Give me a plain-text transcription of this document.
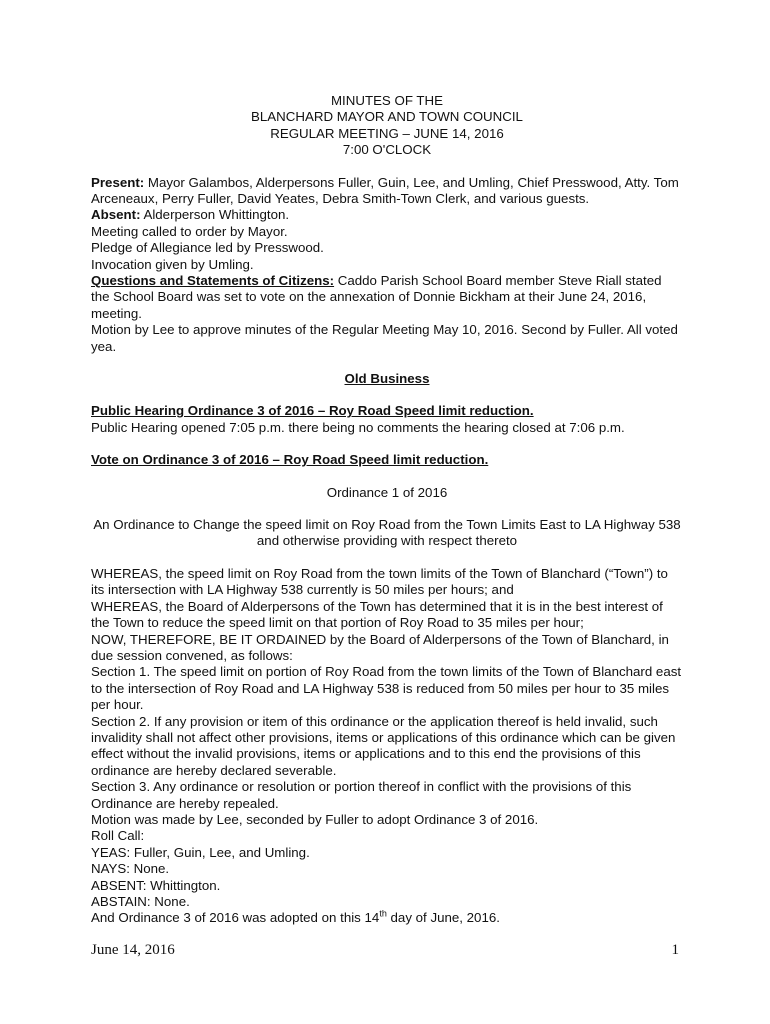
MINUTES OF THE
BLANCHARD MAYOR AND TOWN COUNCIL
REGULAR MEETING – JUNE 14, 2016
7:00 O'CLOCK

Present: Mayor Galambos, Alderpersons Fuller, Guin, Lee, and Umling, Chief Presswood, Atty. Tom Arceneaux, Perry Fuller, David Yeates, Debra Smith-Town Clerk, and various guests.

Absent: Alderperson Whittington.

Meeting called to order by Mayor.

Pledge of Allegiance led by Presswood.

Invocation given by Umling.

Questions and Statements of Citizens: Caddo Parish School Board member Steve Riall stated the School Board was set to vote on the annexation of Donnie Bickham at their June 24, 2016, meeting.

Motion by Lee to approve minutes of the Regular Meeting May 10, 2016. Second by Fuller. All voted yea.

Old Business

Public Hearing Ordinance 3 of 2016 – Roy Road Speed limit reduction.

Public Hearing opened 7:05 p.m. there being no comments the hearing closed at 7:06 p.m.

Vote on Ordinance 3 of 2016 – Roy Road Speed limit reduction.

Ordinance 1 of 2016

An Ordinance to Change the speed limit on Roy Road from the Town Limits East to LA Highway 538 and otherwise providing with respect thereto

WHEREAS, the speed limit on Roy Road from the town limits of the Town of Blanchard (“Town”) to its intersection with LA Highway 538 currently is 50 miles per hours; and

WHEREAS, the Board of Alderpersons of the Town has determined that it is in the best interest of the Town to reduce the speed limit on that portion of Roy Road to 35 miles per hour;

NOW, THEREFORE, BE IT ORDAINED by the Board of Alderpersons of the Town of Blanchard, in due session convened, as follows:

Section 1. The speed limit on portion of Roy Road from the town limits of the Town of Blanchard east to the intersection of Roy Road and LA Highway 538 is reduced from 50 miles per hour to 35 miles per hour.

Section 2. If any provision or item of this ordinance or the application thereof is held invalid, such invalidity shall not affect other provisions, items or applications of this ordinance which can be given effect without the invalid provisions, items or applications and to this end the provisions of this ordinance are hereby declared severable.

Section 3. Any ordinance or resolution or portion thereof in conflict with the provisions of this Ordinance are hereby repealed.

Motion was made by Lee, seconded by Fuller to adopt Ordinance 3 of 2016.

Roll Call:

YEAS: Fuller, Guin, Lee, and Umling.

NAYS: None.

ABSENT: Whittington.

ABSTAIN: None.

And Ordinance 3 of 2016 was adopted on this 14th day of June, 2016.

June 14, 2016	1
